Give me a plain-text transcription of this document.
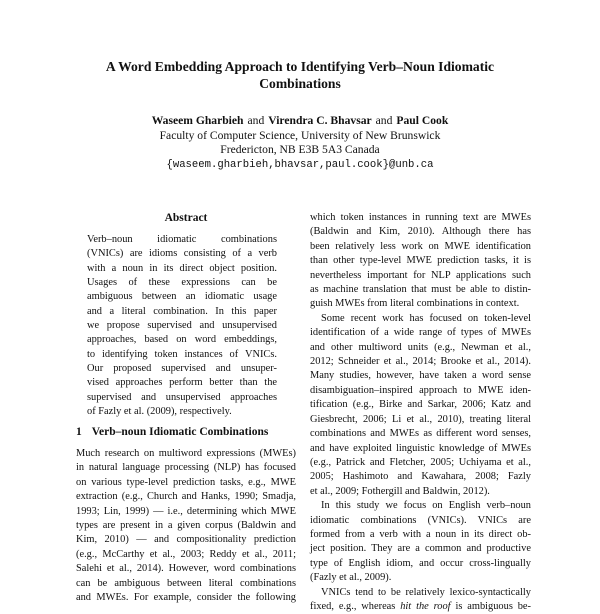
A Word Embedding Approach to Identifying Verb–Noun Idiomatic
Combinations
Waseem Gharbieh and Virendra C. Bhavsar and Paul Cook
Faculty of Computer Science, University of New Brunswick
Fredericton, NB E3B 5A3 Canada
{waseem.gharbieh,bhavsar,paul.cook}@unb.ca
Abstract
Verb–noun idiomatic combinations
(VNICs) are idioms consisting of a verb
with a noun in its direct object position.
Usages of these expressions can be
ambiguous between an idiomatic usage
and a literal combination. In this paper
we propose supervised and unsupervised
approaches, based on word embeddings,
to identifying token instances of VNICs.
Our proposed supervised and unsuper-
vised approaches perform better than the
supervised and unsupervised approaches
of Fazly et al. (2009), respectively.
1 Verb–noun Idiomatic Combinations
Much research on multiword expressions (MWEs)
in natural language processing (NLP) has focused
on various type-level prediction tasks, e.g., MWE
extraction (e.g., Church and Hanks, 1990; Smadja,
1993; Lin, 1999) — i.e., determining which MWE
types are present in a given corpus (Baldwin and
Kim, 2010) — and compositionality prediction
(e.g., McCarthy et al., 2003; Reddy et al., 2011;
Salehi et al., 2014). However, word combinations
can be ambiguous between literal combinations
and MWEs. For example, consider the following
which token instances in running text are MWEs
(Baldwin and Kim, 2010). Although there has
been relatively less work on MWE identification
than other type-level MWE prediction tasks, it is
nevertheless important for NLP applications such
as machine translation that must be able to distin-
guish MWEs from literal combinations in context.
Some recent work has focused on token-level
identification of a wide range of types of MWEs
and other multiword units (e.g., Newman et al.,
2012; Schneider et al., 2014; Brooke et al., 2014).
Many studies, however, have taken a word sense
disambiguation–inspired approach to MWE iden-
tification (e.g., Birke and Sarkar, 2006; Katz and
Giesbrecht, 2006; Li et al., 2010), treating literal
combinations and MWEs as different word senses,
and have exploited linguistic knowledge of MWEs
(e.g., Patrick and Fletcher, 2005; Uchiyama et al.,
2005; Hashimoto and Kawahara, 2008; Fazly
et al., 2009; Fothergill and Baldwin, 2012).
In this study we focus on English verb–noun
idiomatic combinations (VNICs). VNICs are
formed from a verb with a noun in its direct ob-
ject position. They are a common and productive
type of English idiom, and occur cross-lingually
(Fazly et al., 2009).
VNICs tend to be relatively lexico-syntactically
fixed, e.g., whereas hit the roof is ambiguous be-
